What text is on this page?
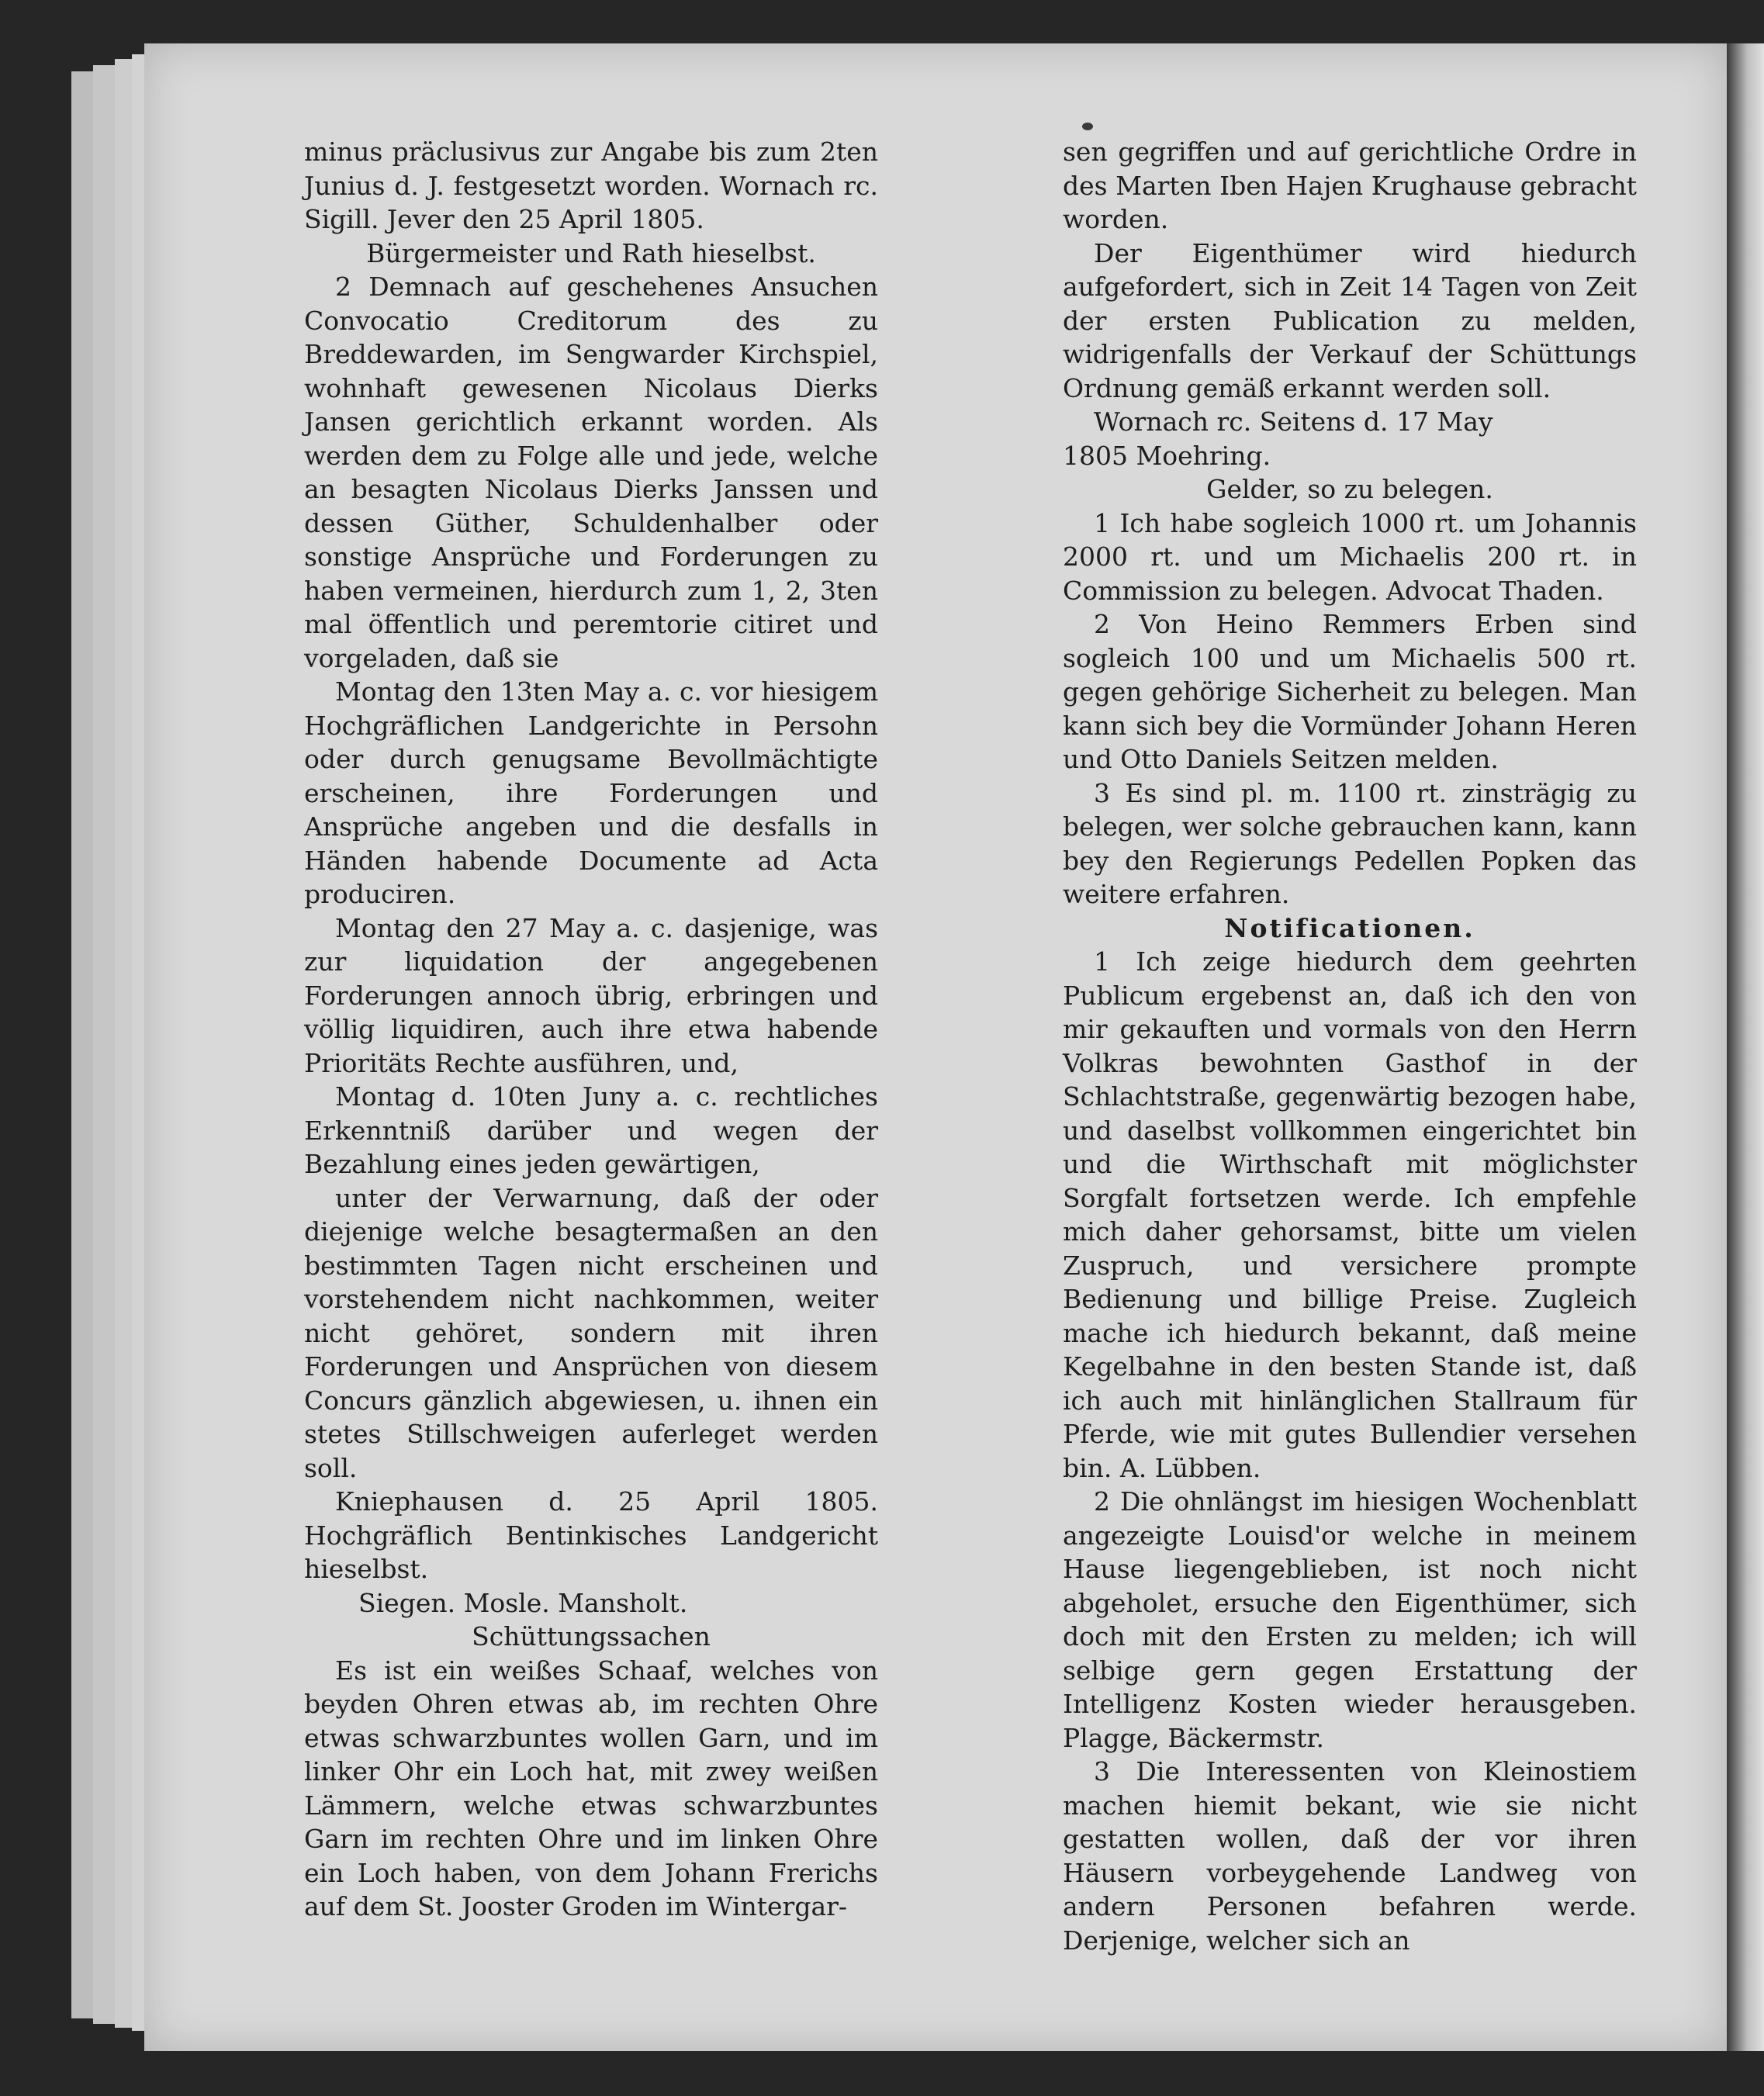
minus präclusivus zur Angabe bis zum 2ten Junius d. J. festgesetzt worden. Wornach rc. Sigill. Jever den 25 April 1805.

Bürgermeister und Rath hieselbst.

2 Demnach auf geschehenes Ansuchen Convocatio Creditorum des zu Breddewarden, im Sengwarder Kirchspiel, wohnhaft gewesenen Nicolaus Dierks Jansen gerichtlich erkannt worden. Als werden dem zu Folge alle und jede, welche an besagten Nicolaus Dierks Janssen und dessen Güther, Schuldenhalber oder sonstige Ansprüche und Forderungen zu haben vermeinen, hierdurch zum 1, 2, 3ten mal öffentlich und peremtorie citiret und vorgeladen, daß sie

Montag den 13ten May a. c. vor hiesigem Hochgräflichen Landgerichte in Persohn oder durch genugsame Bevollmächtigte erscheinen, ihre Forderungen und Ansprüche angeben und die desfalls in Händen habende Documente ad Acta produciren.

Montag den 27 May a. c. dasjenige, was zur liquidation der angegebenen Forderungen annoch übrig, erbringen und völlig liquidiren, auch ihre etwa habende Prioritäts Rechte ausführen, und,

Montag d. 10ten Juny a. c. rechtliches Erkenntniß darüber und wegen der Bezahlung eines jeden gewärtigen,

unter der Verwarnung, daß der oder diejenige welche besagtermaßen an den bestimmten Tagen nicht erscheinen und vorstehendem nicht nachkommen, weiter nicht gehöret, sondern mit ihren Forderungen und Ansprüchen von diesem Concurs gänzlich abgewiesen, u. ihnen ein stetes Stillschweigen auferleget werden soll.

Kniephausen d. 25 April 1805. Hochgräflich Bentinkisches Landgericht hieselbst.

Siegen. Mosle. Mansholt.

Schüttungssachen

Es ist ein weißes Schaaf, welches von beyden Ohren etwas ab, im rechten Ohre etwas schwarzbuntes wollen Garn, und im linker Ohr ein Loch hat, mit zwey weißen Lämmern, welche etwas schwarzbuntes Garn im rechten Ohre und im linken Ohre ein Loch haben, von dem Johann Frerichs auf dem St. Jooster Groden im Wintergar-

sen gegriffen und auf gerichtliche Ordre in des Marten Iben Hajen Krughause gebracht worden.

Der Eigenthümer wird hiedurch aufgefordert, sich in Zeit 14 Tagen von Zeit der ersten Publication zu melden, widrigenfalls der Verkauf der Schüttungs Ordnung gemäß erkannt werden soll.

Wornach rc. Seitens d. 17 May

1805 Moehring.

Gelder, so zu belegen.

1 Ich habe sogleich 1000 rt. um Johannis 2000 rt. und um Michaelis 200 rt. in Commission zu belegen. Advocat Thaden.

2 Von Heino Remmers Erben sind sogleich 100 und um Michaelis 500 rt. gegen gehörige Sicherheit zu belegen. Man kann sich bey die Vormünder Johann Heren und Otto Daniels Seitzen melden.

3 Es sind pl. m. 1100 rt. zinsträgig zu belegen, wer solche gebrauchen kann, kann bey den Regierungs Pedellen Popken das weitere erfahren.

Notificationen.

1 Ich zeige hiedurch dem geehrten Publicum ergebenst an, daß ich den von mir gekauften und vormals von den Herrn Volkras bewohnten Gasthof in der Schlachtstraße, gegenwärtig bezogen habe, und daselbst vollkommen eingerichtet bin und die Wirthschaft mit möglichster Sorgfalt fortsetzen werde. Ich empfehle mich daher gehorsamst, bitte um vielen Zuspruch, und versichere prompte Bedienung und billige Preise. Zugleich mache ich hiedurch bekannt, daß meine Kegelbahne in den besten Stande ist, daß ich auch mit hinlänglichen Stallraum für Pferde, wie mit gutes Bullendier versehen bin. A. Lübben.

2 Die ohnlängst im hiesigen Wochenblatt angezeigte Louisd'or welche in meinem Hause liegengeblieben, ist noch nicht abgeholet, ersuche den Eigenthümer, sich doch mit den Ersten zu melden; ich will selbige gern gegen Erstattung der Intelligenz Kosten wieder herausgeben. Plagge, Bäckermstr.

3 Die Interessenten von Kleinostiem machen hiemit bekant, wie sie nicht gestatten wollen, daß der vor ihren Häusern vorbeygehende Landweg von andern Personen befahren werde. Derjenige, welcher sich an
